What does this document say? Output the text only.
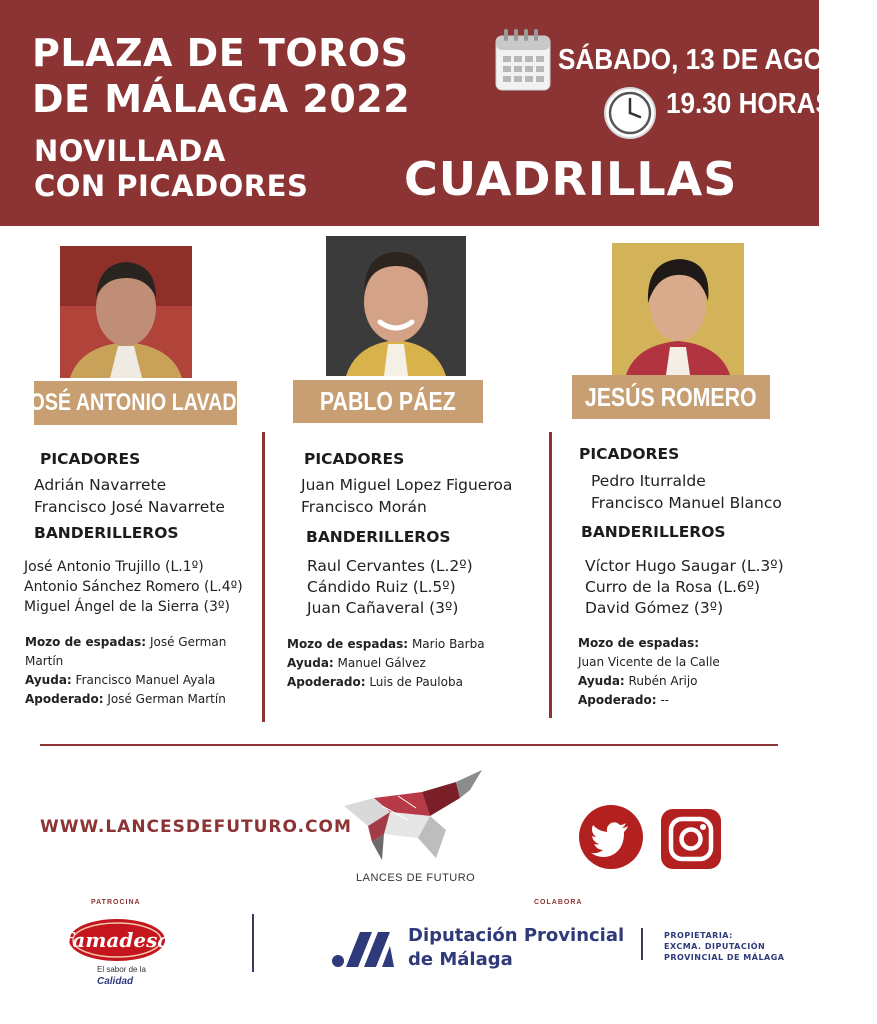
PLAZA DE TOROS
DE MÁLAGA 2022
NOVILLADA
CON PICADORES
SÁBADO, 13 DE AGOSTO
19.30 HORAS
CUADRILLAS
JOSÉ ANTONIO LAVADO	PABLO PÁEZ	JESÚS ROMERO
PICADORES
Adrián Navarrete
Francisco José Navarrete
BANDERILLEROS
José Antonio Trujillo (L.1º)
Antonio Sánchez Romero (L.4º)
Miguel Ángel de la Sierra (3º)
Mozo de espadas: José German
Martín
Ayuda: Francisco Manuel Ayala
Apoderado: José German Martín
PICADORES
Juan Miguel Lopez Figueroa
Francisco Morán
BANDERILLEROS
Raul Cervantes (L.2º)
Cándido Ruiz (L.5º)
Juan Cañaveral (3º)
Mozo de espadas: Mario Barba
Ayuda: Manuel Gálvez
Apoderado: Luis de Pauloba
PICADORES
Pedro Iturralde
Francisco Manuel Blanco
BANDERILLEROS
Víctor Hugo Saugar (L.3º)
Curro de la Rosa (L.6º)
David Gómez (3º)
Mozo de espadas:
Juan Vicente de la Calle
Ayuda: Rubén Arijo
Apoderado: --
WWW.LANCESDEFUTURO.COM
LANCES DE FUTURO
PATROCINA
famadesa
El sabor de la
Calidad
COLABORA
Diputación Provincial
de Málaga
PROPIETARIA:
EXCMA. DIPUTACIÓN
PROVINCIAL DE MÁLAGA
